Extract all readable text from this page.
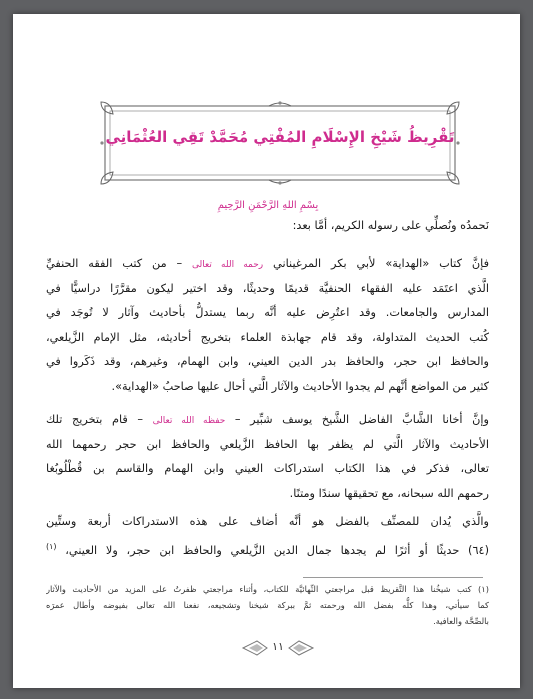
تَقْرِيظُ شَيْخِ الإِسْلَامِ المُفْتِي مُحَمَّدْ تَقِي العُثْمَانِي
بِسْمِ اللهِ الرَّحْمَنِ الرَّحِيمِ
نَحمدُه ونُصلِّي على رسوله الكريم، أمَّا بعد:
فإنَّ كتاب «الهداية» لأبي بكر المرغيناني رحمه الله تعالى – من كتب الفقه الحنفيِّ
الَّذي اعتَمَد عليه الفقهاء الحنفيَّة قديمًا وحديثًا، وقد اختير ليكون مقرَّرًا دراسيًّا في
المدارس والجامعات. وقد اعتُرِض عليه أنَّه ربما يستدلُّ بأحاديث وآثار لا تُوجَد في
كُتب الحديث المتداولة، وقد قام جهابذة العلماء بتخريج أحاديثه، مثل الإمام الزَّيلعي،
والحافظ ابن حجر، والحافظ بدر الدين العيني، وابن الهمام، وغيرهم، وقد ذَكَروا في
كثير من المواضع أنَّهم لم يجدوا الأحاديث والآثار الَّتي أحال عليها صاحبُ «الهداية».
وإنَّ أخانا الشَّابَّ الفاضل الشَّيخ يوسف شبِّير – حفظه الله تعالى – قام بتخريج تلك
الأحاديث والآثار الَّتي لم يظفر بها الحافظ الزَّيلعي والحافظ ابن حجر رحمهما الله
تعالى، فذكر في هذا الكتاب استدراكات العيني وابن الهمام والقاسم بن قُطْلُوبُغا
رحمهم الله سبحانه، مع تحقيقها سندًا ومتنًا.
والَّذي يُدان للمصنِّف بالفضل هو أنَّه أضاف على هذه الاستدراكات أربعة وستِّين
(٦٤) حديثًا أو أثرًا لم يجدها جمال الدين الزَّيلعي والحافظ ابن حجر، ولا العيني، $^{(١)}$
(١) كتب شيخُنا هذا التَّقريظ قبل مراجعتي النِّهائيَّة للكتاب، وأثناء مراجعتي ظفرتُ على المزيد من الأحاديث والآثار
كما سيأتي، وهذا كلُّه بفضل الله ورحمته ثمَّ ببركة شيخنا وتشجيعه، نفعنا الله تعالى بفيوضه وأطال عمرَه
بالصِّحَّة والعافية.
١١
